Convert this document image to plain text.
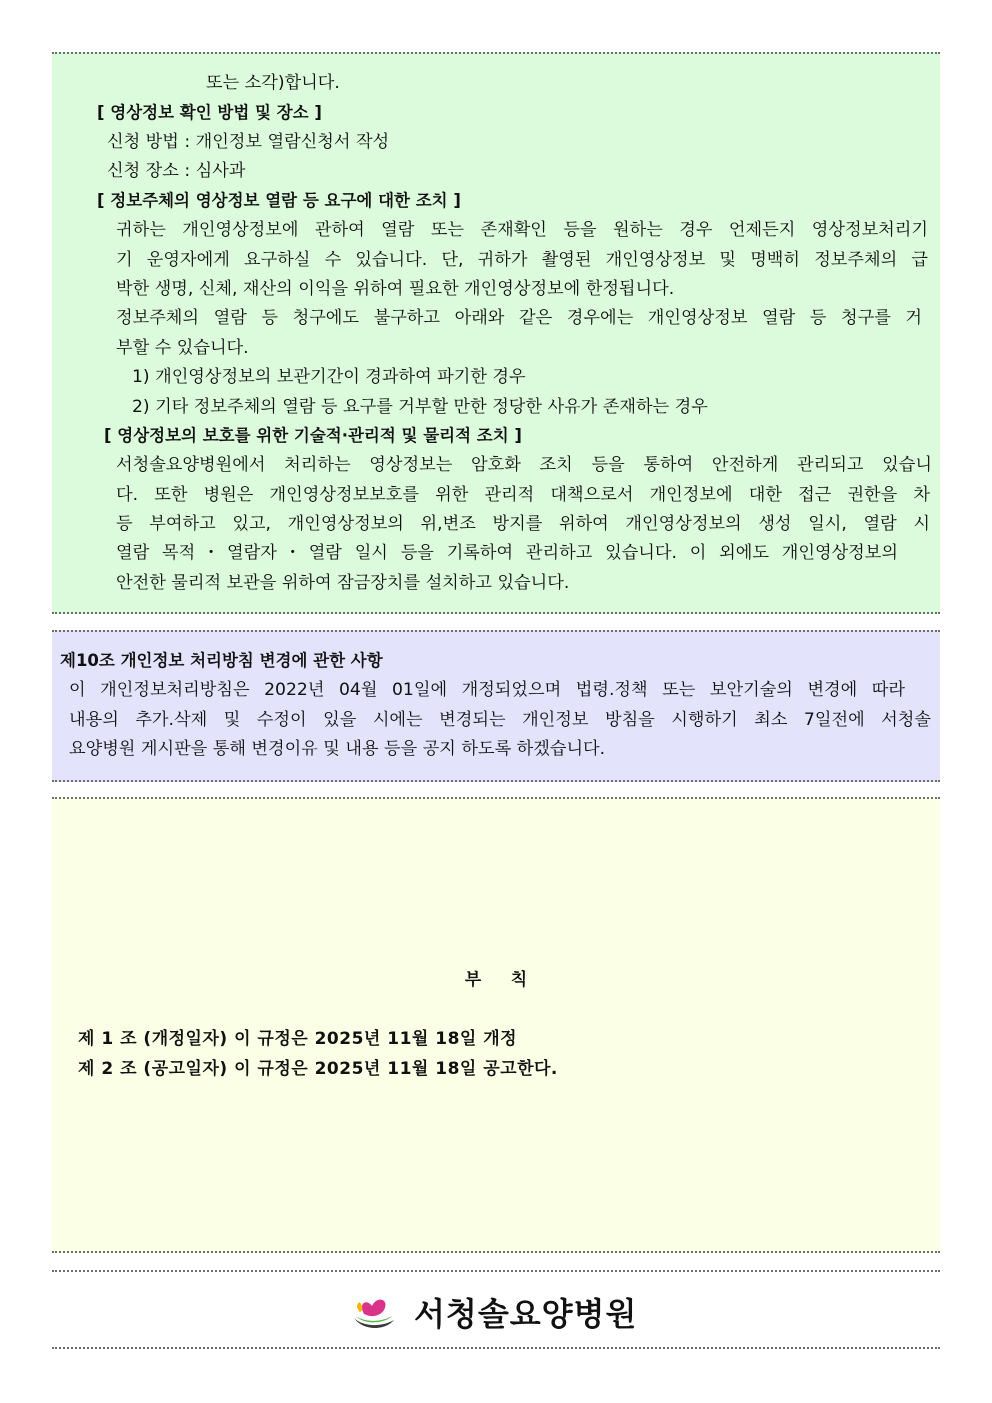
또는 소각)합니다.
[ 영상정보 확인 방법 및 장소 ]
신청 방법 : 개인정보 열람신청서 작성
신청 장소 : 심사과
[ 정보주체의 영상정보 열람 등 요구에 대한 조치 ]
귀하는 개인영상정보에 관하여 열람 또는 존재확인 등을 원하는 경우 언제든지 영상정보처리기
기 운영자에게 요구하실 수 있습니다. 단, 귀하가 촬영된 개인영상정보 및 명백히 정보주체의 급
박한 생명, 신체, 재산의 이익을 위하여 필요한 개인영상정보에 한정됩니다.
정보주체의 열람 등 청구에도 불구하고 아래와 같은 경우에는 개인영상정보 열람 등 청구를 거
부할 수 있습니다.
1) 개인영상정보의 보관기간이 경과하여 파기한 경우
2) 기타 정보주체의 열람 등 요구를 거부할 만한 정당한 사유가 존재하는 경우
[ 영상정보의 보호를 위한 기술적·관리적 및 물리적 조치 ]
서청솔요양병원에서 처리하는 영상정보는 암호화 조치 등을 통하여 안전하게 관리되고 있습니
다. 또한 병원은 개인영상정보보호를 위한 관리적 대책으로서 개인정보에 대한 접근 권한을 차
등 부여하고 있고, 개인영상정보의 위,변조 방지를 위하여 개인영상정보의 생성 일시, 열람 시
열람 목적・열람자・열람 일시 등을 기록하여 관리하고 있습니다. 이 외에도 개인영상정보의
안전한 물리적 보관을 위하여 잠금장치를 설치하고 있습니다.
제10조 개인정보 처리방침 변경에 관한 사항
이 개인정보처리방침은 2022년 04월 01일에 개정되었으며 법령.정책 또는 보안기술의 변경에 따라
내용의 추가.삭제 및 수정이 있을 시에는 변경되는 개인정보 방침을 시행하기 최소 7일전에 서청솔
요양병원 게시판을 통해 변경이유 및 내용 등을 공지 하도록 하겠습니다.
부     칙
제 1 조 (개정일자) 이 규정은 2025년 11월 18일 개정
제 2 조 (공고일자) 이 규정은 2025년 11월 18일 공고한다.
서청솔요양병원
